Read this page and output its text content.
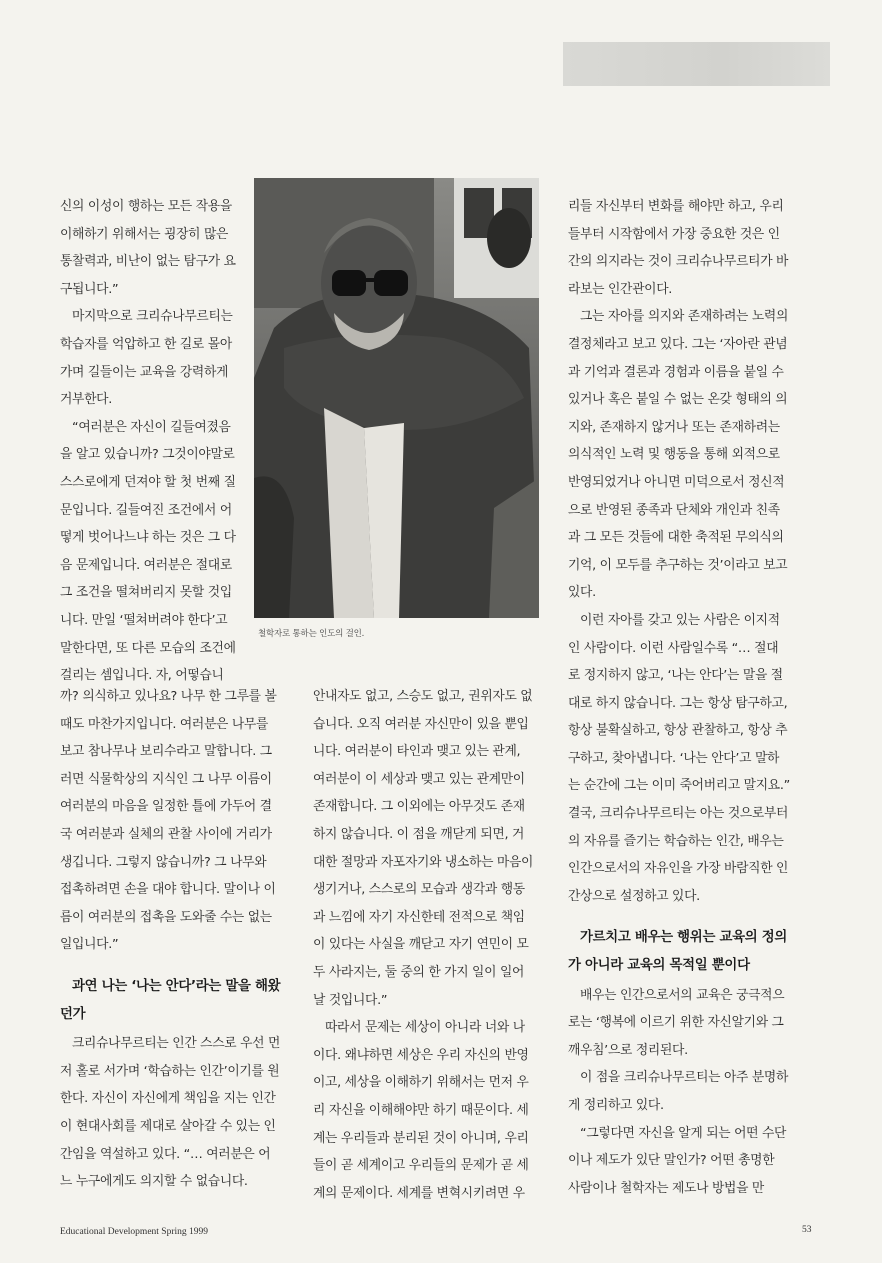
신의 이성이 행하는 모든 작용을 이해하기 위해서는 굉장히 많은 통찰력과, 비난이 없는 탐구가 요구됩니다.”

마지막으로 크리슈나무르티는 학습자를 억압하고 한 길로 몰아가며 길들이는 교육을 강력하게 거부한다.

“여러분은 자신이 길들여졌음을 알고 있습니까? 그것이야말로 스스로에게 던져야 할 첫 번째 질문입니다. 길들여진 조건에서 어떻게 벗어나느냐 하는 것은 그 다음 문제입니다. 여러분은 절대로 그 조건을 떨쳐버리지 못할 것입니다. 만일 ‘떨쳐버려야 한다’고 말한다면, 또 다른 모습의 조건에 걸리는 셈입니다. 자, 어떻습니

철학자로 통하는 인도의 걸인.

까? 의식하고 있나요? 나무 한 그루를 볼 때도 마찬가지입니다. 여러분은 나무를 보고 참나무나 보리수라고 말합니다. 그러면 식물학상의 지식인 그 나무 이름이 여러분의 마음을 일정한 틀에 가두어 결국 여러분과 실체의 관찰 사이에 거리가 생깁니다. 그렇지 않습니까? 그 나무와 접촉하려면 손을 대야 합니다. 말이나 이름이 여러분의 접촉을 도와줄 수는 없는 일입니다.”

과연 나는 ‘나는 안다’라는 말을 해왔던가

크리슈나무르티는 인간 스스로 우선 먼저 홀로 서가며 ‘학습하는 인간’이기를 원한다. 자신이 자신에게 책임을 지는 인간이 현대사회를 제대로 살아갈 수 있는 인간임을 역설하고 있다. “… 여러분은 어느 누구에게도 의지할 수 없습니다.

안내자도 없고, 스승도 없고, 권위자도 없습니다. 오직 여러분 자신만이 있을 뿐입니다. 여러분이 타인과 맺고 있는 관계, 여러분이 이 세상과 맺고 있는 관계만이 존재합니다. 그 이외에는 아무것도 존재하지 않습니다. 이 점을 깨닫게 되면, 거대한 절망과 자포자기와 냉소하는 마음이 생기거나, 스스로의 모습과 생각과 행동과 느낌에 자기 자신한테 전적으로 책임이 있다는 사실을 깨닫고 자기 연민이 모두 사라지는, 둘 중의 한 가지 일이 일어날 것입니다.”

따라서 문제는 세상이 아니라 너와 나이다. 왜냐하면 세상은 우리 자신의 반영이고, 세상을 이해하기 위해서는 먼저 우리 자신을 이해해야만 하기 때문이다. 세계는 우리들과 분리된 것이 아니며, 우리들이 곧 세계이고 우리들의 문제가 곧 세계의 문제이다. 세계를 변혁시키려면 우

리들 자신부터 변화를 해야만 하고, 우리들부터 시작함에서 가장 중요한 것은 인간의 의지라는 것이 크리슈나무르티가 바라보는 인간관이다.

그는 자아를 의지와 존재하려는 노력의 결정체라고 보고 있다. 그는 ‘자아란 관념과 기억과 결론과 경험과 이름을 붙일 수 있거나 혹은 붙일 수 없는 온갖 형태의 의지와, 존재하지 않거나 또는 존재하려는 의식적인 노력 및 행동을 통해 외적으로 반영되었거나 아니면 미덕으로서 정신적으로 반영된 종족과 단체와 개인과 친족과 그 모든 것들에 대한 축적된 무의식의 기억, 이 모두를 추구하는 것’이라고 보고 있다.

이런 자아를 갖고 있는 사람은 이지적인 사람이다. 이런 사람일수록 “… 절대로 정지하지 않고, ‘나는 안다’는 말을 절대로 하지 않습니다. 그는 항상 탐구하고, 항상 불확실하고, 항상 관찰하고, 항상 추구하고, 찾아냅니다. ‘나는 안다’고 말하는 순간에 그는 이미 죽어버리고 말지요.” 결국, 크리슈나무르티는 아는 것으로부터의 자유를 즐기는 학습하는 인간, 배우는 인간으로서의 자유인을 가장 바람직한 인간상으로 설정하고 있다.

가르치고 배우는 행위는 교육의 정의가 아니라 교육의 목적일 뿐이다

배우는 인간으로서의 교육은 궁극적으로는 ‘행복에 이르기 위한 자신알기와 그 깨우침’으로 정리된다.

이 점을 크리슈나무르티는 아주 분명하게 정리하고 있다.

“그렇다면 자신을 알게 되는 어떤 수단이나 제도가 있단 말인가? 어떤 총명한 사람이나 철학자는 제도나 방법을 만

Educational Development Spring 1999	53
